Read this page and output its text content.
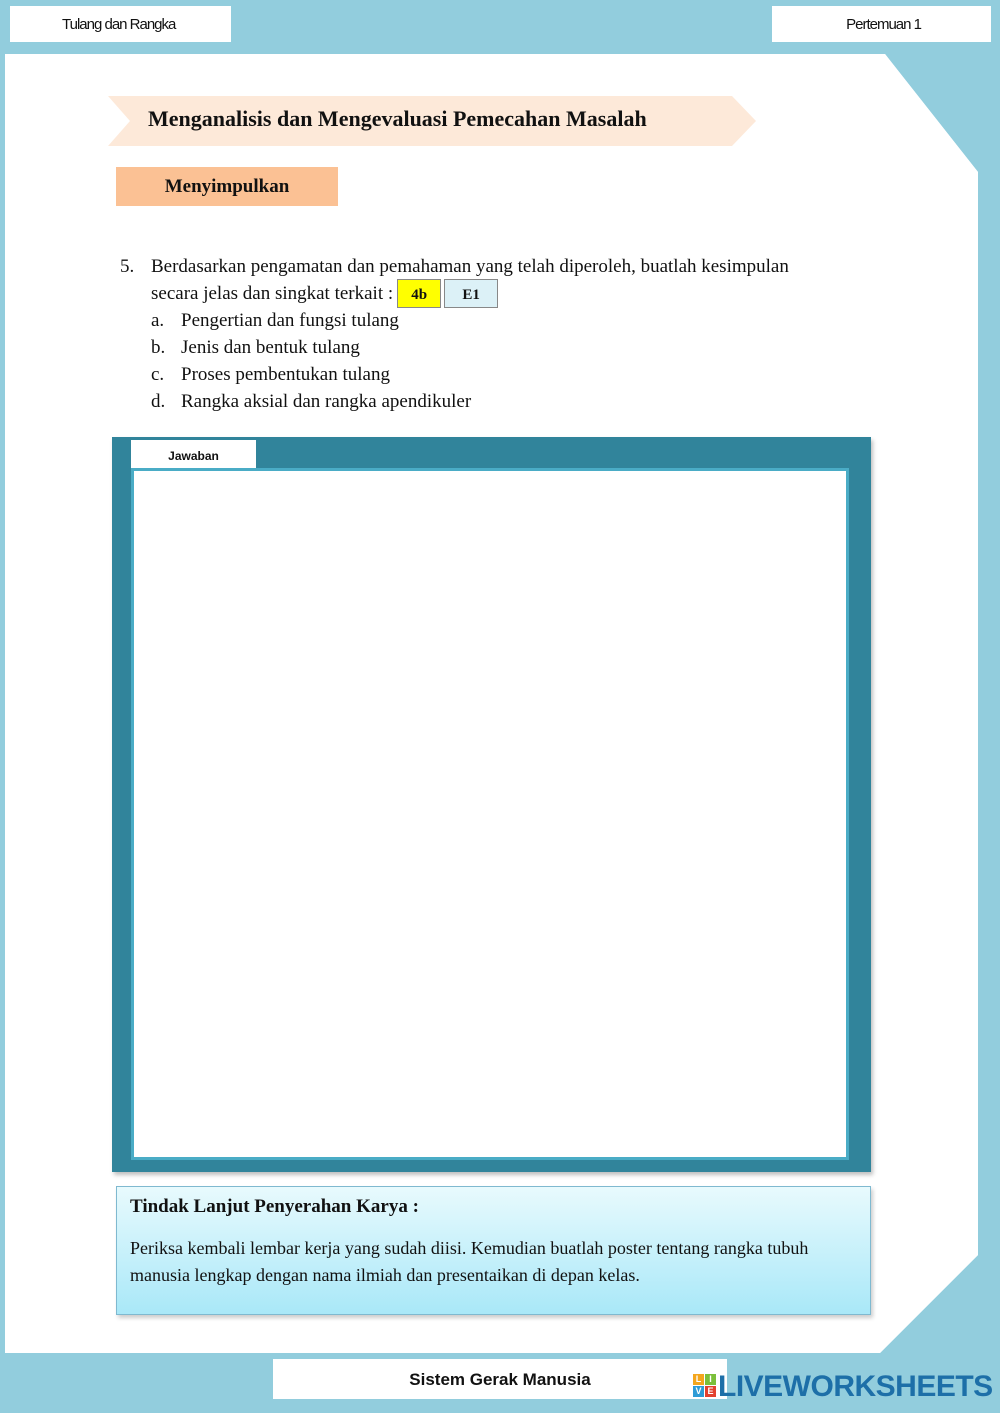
Tulang dan Rangka	Pertemuan 1
Menganalisis dan Mengevaluasi Pemecahan Masalah
Menyimpulkan
5. Berdasarkan pengamatan dan pemahaman yang telah diperoleh, buatlah kesimpulan
secara jelas dan singkat terkait : 4b E1
a. Pengertian dan fungsi tulang
b. Jenis dan bentuk tulang
c. Proses pembentukan tulang
d. Rangka aksial dan rangka apendikuler
Jawaban
Tindak Lanjut Penyerahan Karya :
Periksa kembali lembar kerja yang sudah diisi. Kemudian buatlah poster tentang rangka tubuh manusia lengkap dengan nama ilmiah dan presentaikan di depan kelas.
Sistem Gerak Manusia	L I
V E LIVEWORKSHEETS
